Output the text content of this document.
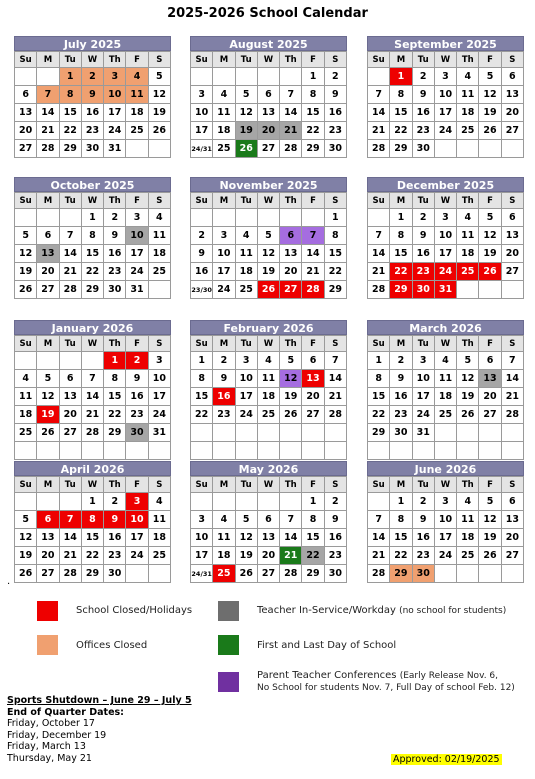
2025-2026 School Calendar
July 2025
Su	M	Tu	W	Th	F	S
		1	2	3	4	5
6	7	8	9	10	11	12
13	14	15	16	17	18	19
20	21	22	23	24	25	26
27	28	29	30	31		
August 2025
Su	M	Tu	W	Th	F	S
					1	2
3	4	5	6	7	8	9
10	11	12	13	14	15	16
17	18	19	20	21	22	23
24/31	25	26	27	28	29	30
September 2025
Su	M	Tu	W	Th	F	S
	1	2	3	4	5	6
7	8	9	10	11	12	13
14	15	16	17	18	19	20
21	22	23	24	25	26	27
28	29	30				
October 2025
Su	M	Tu	W	Th	F	S
			1	2	3	4
5	6	7	8	9	10	11
12	13	14	15	16	17	18
19	20	21	22	23	24	25
26	27	28	29	30	31	
November 2025
Su	M	Tu	W	Th	F	S
						1
2	3	4	5	6	7	8
9	10	11	12	13	14	15
16	17	18	19	20	21	22
23/30	24	25	26	27	28	29
December 2025
Su	M	Tu	W	Th	F	S
	1	2	3	4	5	6
7	8	9	10	11	12	13
14	15	16	17	18	19	20
21	22	23	24	25	26	27
28	29	30	31			
January 2026
Su	M	Tu	W	Th	F	S
				1	2	3
4	5	6	7	8	9	10
11	12	13	14	15	16	17
18	19	20	21	22	23	24
25	26	27	28	29	30	31

February 2026
Su	M	Tu	W	Th	F	S
1	2	3	4	5	6	7
8	9	10	11	12	13	14
15	16	17	18	19	20	21
22	23	24	25	26	27	28

March 2026
Su	M	Tu	W	Th	F	S
1	2	3	4	5	6	7
8	9	10	11	12	13	14
15	16	17	18	19	20	21
22	23	24	25	26	27	28
29	30	31				

April 2026
Su	M	Tu	W	Th	F	S
			1	2	3	4
5	6	7	8	9	10	11
12	13	14	15	16	17	18
19	20	21	22	23	24	25
26	27	28	29	30		
May 2026
Su	M	Tu	W	Th	F	S
					1	2
3	4	5	6	7	8	9
10	11	12	13	14	15	16
17	18	19	20	21	22	23
24/31	25	26	27	28	29	30
June 2026
Su	M	Tu	W	Th	F	S
	1	2	3	4	5	6
7	8	9	10	11	12	13
14	15	16	17	18	19	20
21	22	23	24	25	26	27
28	29	30				
.
School Closed/Holidays
Offices Closed
Teacher In-Service/Workday (no school for students)
First and Last Day of School
Parent Teacher Conferences (Early Release Nov. 6,
No School for students Nov. 7, Full Day of school Feb. 12)
Sports Shutdown – June 29 – July 5
End of Quarter Dates:
Friday, October 17
Friday, December 19
Friday, March 13
Thursday, May 21	Approved: 02/19/2025
